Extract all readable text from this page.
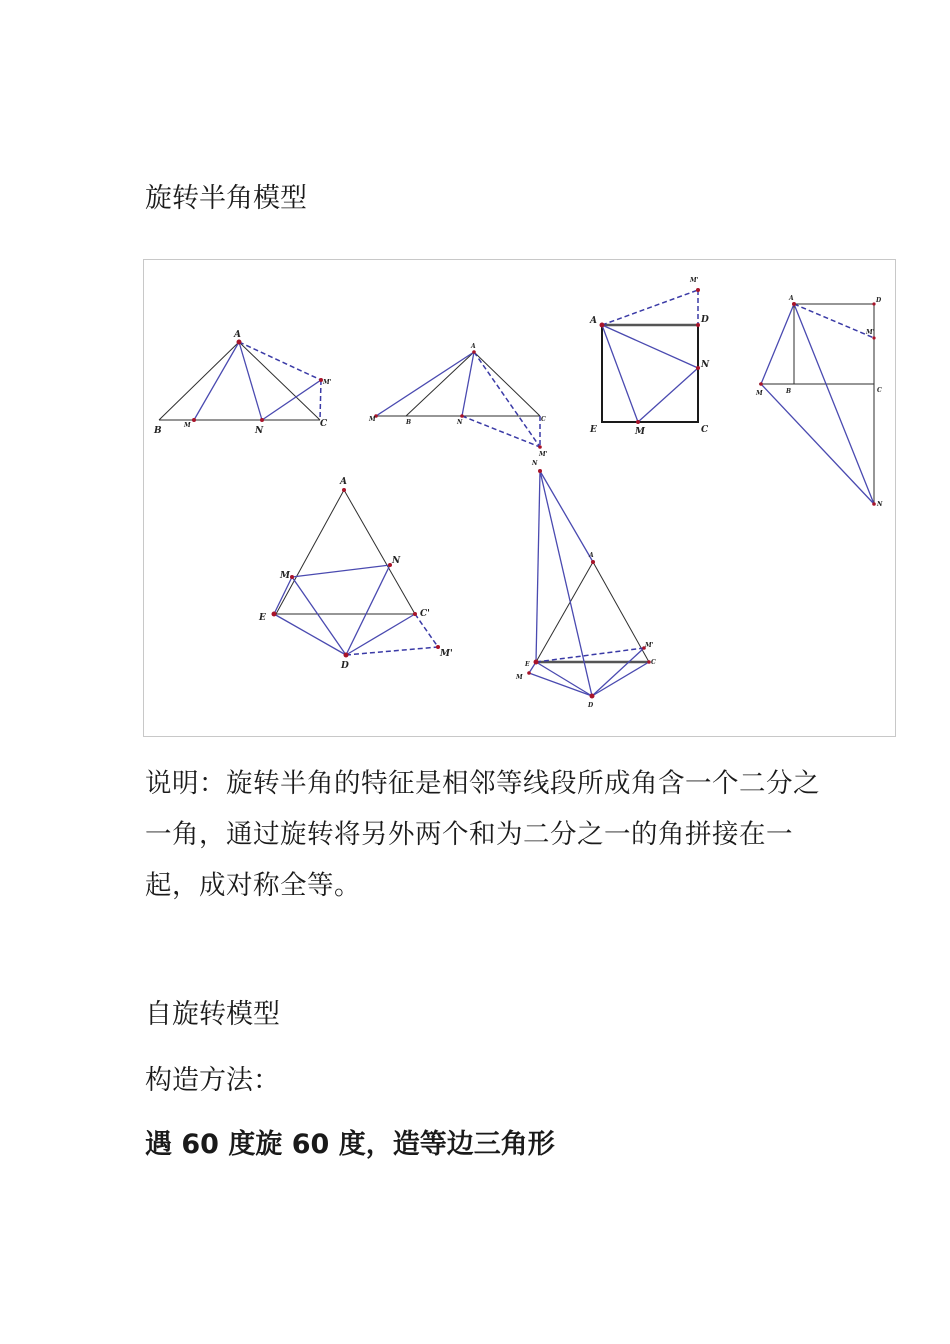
旋转半角模型
A
B
M
N
C
M'
A
M	B	N	C
M'
A	D
N
E	M	C
M'
A	D
M'
M	B	C
N
A
M
N
E	C'
D
M'
N
A
E
M
M'
C
D

说明：旋转半角的特征是相邻等线段所成角含一个二分之一角，通过旋转将另外两个和为二分之一的角拼接在一起，成对称全等。

自旋转模型
构造方法：

遇 60 度旋 60 度，造等边三角形
